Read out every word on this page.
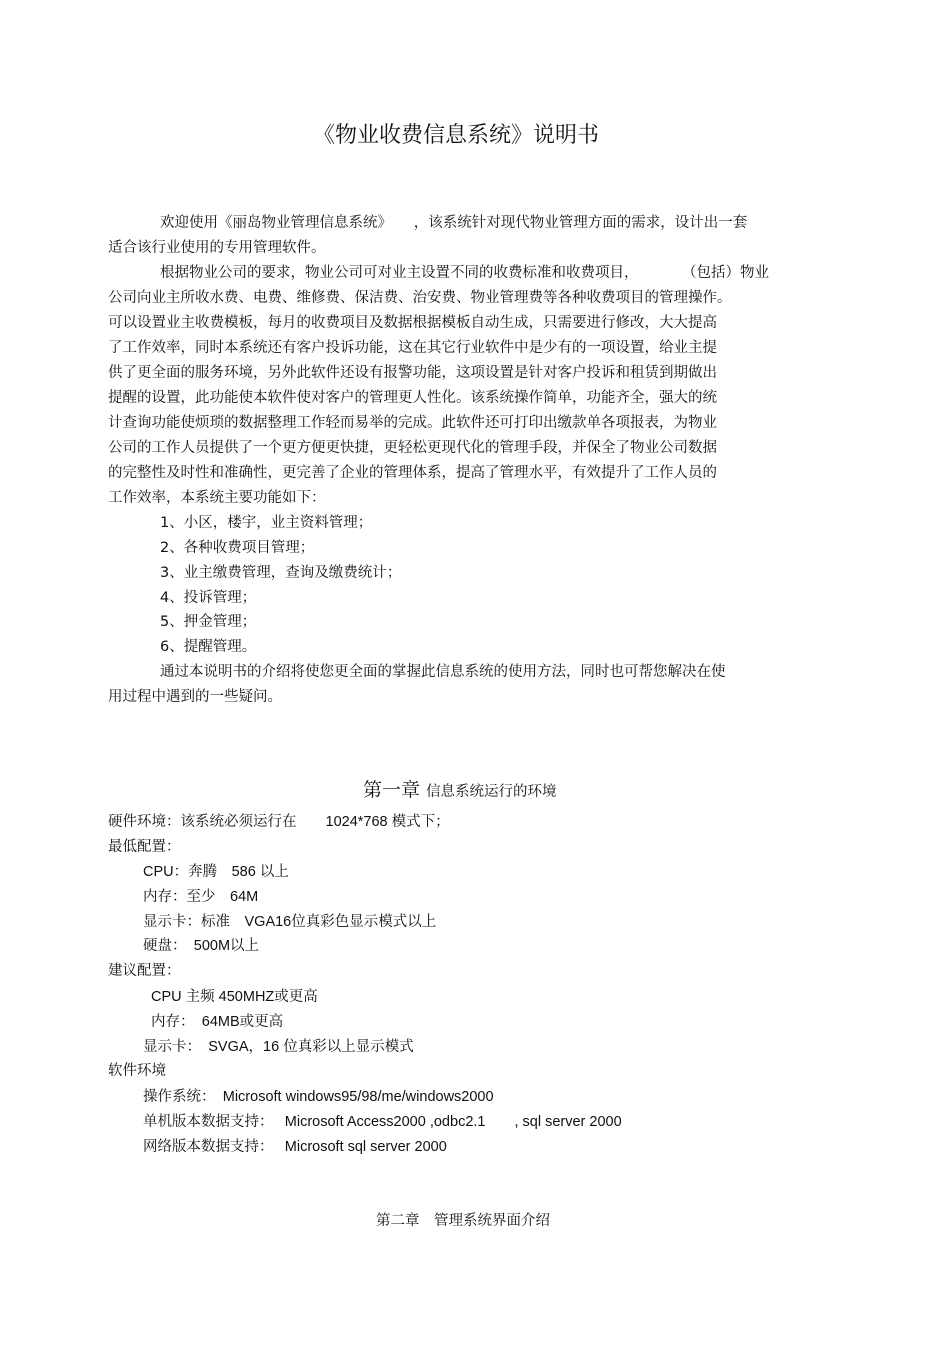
《物业收费信息系统》说明书
欢迎使用《丽岛物业管理信息系统》　　，该系统针对现代物业管理方面的需求，设计出一套
适合该行业使用的专用管理软件。
根据物业公司的要求，物业公司可对业主设置不同的收费标准和收费项目，　　　　（包括）物业
公司向业主所收水费、电费、维修费、保洁费、治安费、物业管理费等各种收费项目的管理操作。
可以设置业主收费模板，每月的收费项目及数据根据模板自动生成，只需要进行修改，大大提高
了工作效率，同时本系统还有客户投诉功能，这在其它行业软件中是少有的一项设置，给业主提
供了更全面的服务环境，另外此软件还设有报警功能，这项设置是针对客户投诉和租赁到期做出
提醒的设置，此功能使本软件使对客户的管理更人性化。该系统操作简单，功能齐全，强大的统
计查询功能使烦琐的数据整理工作轻而易举的完成。此软件还可打印出缴款单各项报表，为物业
公司的工作人员提供了一个更方便更快捷，更轻松更现代化的管理手段，并保全了物业公司数据
的完整性及时性和准确性，更完善了企业的管理体系，提高了管理水平，有效提升了工作人员的
工作效率，本系统主要功能如下：
1、小区，楼宇，业主资料管理；
2、各种收费项目管理；
3、业主缴费管理，查询及缴费统计；
4、投诉管理；
5、押金管理；
6、提醒管理。
通过本说明书的介绍将使您更全面的掌握此信息系统的使用方法，同时也可帮您解决在使
用过程中遇到的一些疑问。
第一章 信息系统运行的环境
硬件环境：该系统必须运行在　　1024*768 模式下；
最低配置：
CPU：奔腾　586 以上
内存：至少　64M
显示卡：标准　VGA16位真彩色显示模式以上
硬盘：　500M以上
建议配置：
CPU 主频 450MHZ或更高
内存：　64MB或更高
显示卡：　SVGA，16 位真彩以上显示模式
软件环境
操作系统：　Microsoft windows95/98/me/windows2000
单机版本数据支持：　 Microsoft Access2000 ,odbc2.1　　, sql server 2000
网络版本数据支持：　 Microsoft sql server 2000
第二章　管理系统界面介绍
